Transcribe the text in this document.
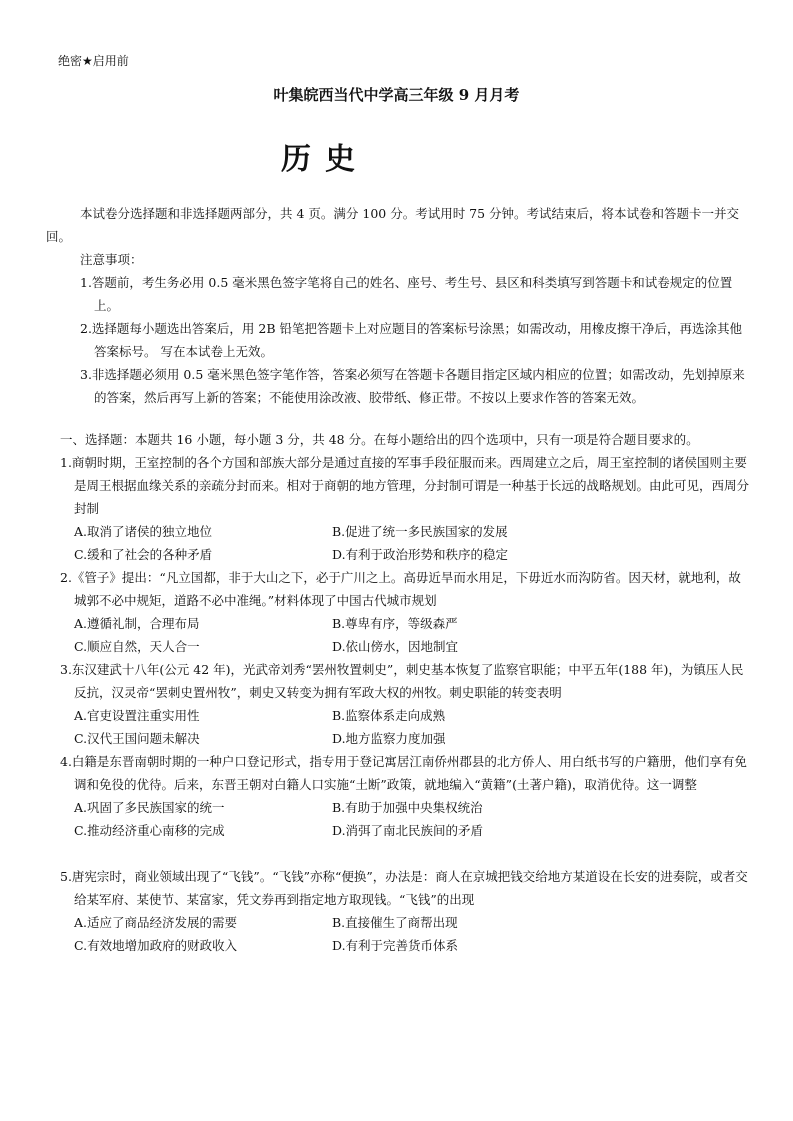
绝密★启用前
叶集皖西当代中学高三年级 9 月月考
历史
本试卷分选择题和非选择题两部分，共 4 页。满分 100 分。考试用时 75 分钟。考试结束后，将本试卷和答题卡一并交回。
注意事项：
1.答题前，考生务必用 0.5 毫米黑色签字笔将自己的姓名、座号、考生号、县区和科类填写到答题卡和试卷规定的位置上。
2.选择题每小题选出答案后，用 2B 铅笔把答题卡上对应题目的答案标号涂黑；如需改动，用橡皮擦干净后，再选涂其他答案标号。 写在本试卷上无效。
3.非选择题必须用 0.5 毫米黑色签字笔作答，答案必须写在答题卡各题目指定区域内相应的位置；如需改动，先划掉原来的答案，然后再写上新的答案；不能使用涂改液、胶带纸、修正带。不按以上要求作答的答案无效。
一、选择题：本题共 16 小题，每小题 3 分，共 48 分。在每小题给出的四个选项中，只有一项是符合题目要求的。
1.商朝时期，王室控制的各个方国和部族大部分是通过直接的军事手段征服而来。西周建立之后，周王室控制的诸侯国则主要是周王根据血缘关系的亲疏分封而来。相对于商朝的地方管理，分封制可谓是一种基于长远的战略规划。由此可见，西周分封制
A.取消了诸侯的独立地位	B.促进了统一多民族国家的发展
C.缓和了社会的各种矛盾	D.有利于政治形势和秩序的稳定
2.《管子》提出：“凡立国都，非于大山之下，必于广川之上。高毋近旱而水用足，下毋近水而沟防省。因天材，就地利，故城郭不必中规矩，道路不必中准绳。”材料体现了中国古代城市规划
A.遵循礼制，合理布局	B.尊卑有序，等级森严
C.顺应自然，天人合一	D.依山傍水，因地制宜
3.东汉建武十八年(公元 42 年)，光武帝刘秀“罢州牧置刺史”，刺史基本恢复了监察官职能；中平五年(188 年)，为镇压人民反抗，汉灵帝“罢刺史置州牧”，刺史又转变为拥有军政大权的州牧。刺史职能的转变表明
A.官吏设置注重实用性	B.监察体系走向成熟
C.汉代王国问题未解决	D.地方监察力度加强
4.白籍是东晋南朝时期的一种户口登记形式，指专用于登记寓居江南侨州郡县的北方侨人、用白纸书写的户籍册，他们享有免调和免役的优待。后来，东晋王朝对白籍人口实施“土断”政策，就地编入“黄籍”(土著户籍)，取消优待。这一调整
A.巩固了多民族国家的统一	B.有助于加强中央集权统治
C.推动经济重心南移的完成	D.消弭了南北民族间的矛盾
5.唐宪宗时，商业领域出现了“飞钱”。“飞钱”亦称“便换”，办法是：商人在京城把钱交给地方某道设在长安的进奏院，或者交给某军府、某使节、某富家，凭文券再到指定地方取现钱。“飞钱”的出现
A.适应了商品经济发展的需要	B.直接催生了商帮出现
C.有效地增加政府的财政收入	D.有利于完善货币体系
